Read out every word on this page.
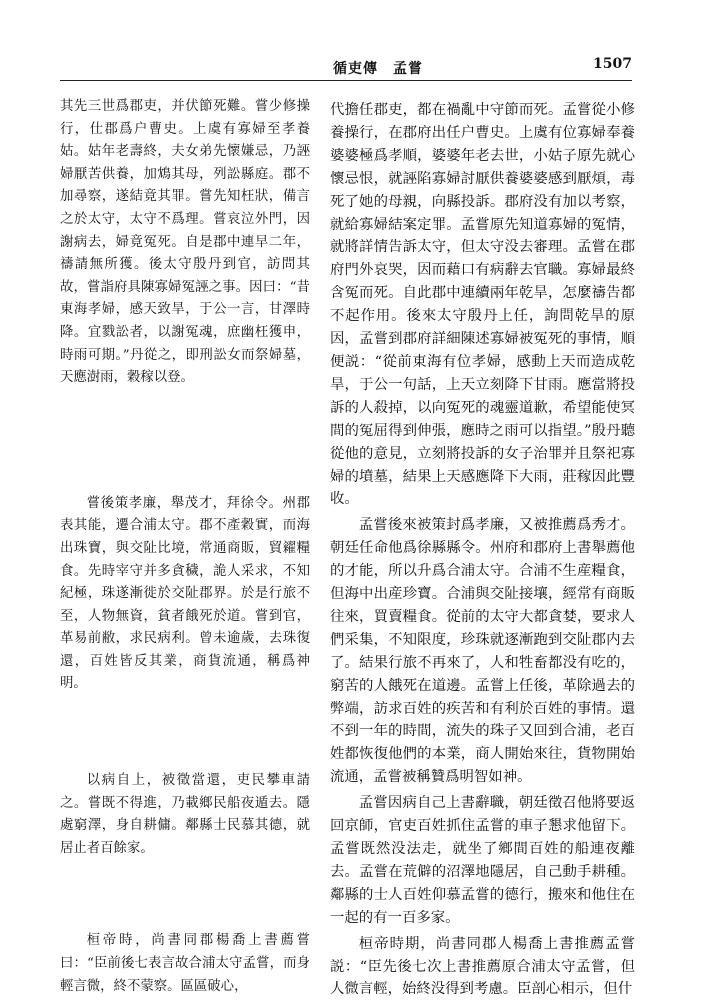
循吏傳　孟嘗	1507

其先三世爲郡吏，并伏節死難。嘗少修操行，仕郡爲户曹史。上虞有寡婦至孝養姑。姑年老壽終，夫女弟先懷嫌忌，乃誣婦厭苦供養，加鴆其母，列訟縣庭。郡不加尋察，遂結竟其罪。嘗先知枉狀，備言之於太守，太守不爲理。嘗哀泣外門，因謝病去，婦竟冤死。自是郡中連早二年，禱請無所獲。後太守殷丹到官，訪問其故，嘗詣府具陳寡婦冤誣之事。因曰：“昔東海孝婦，感天致旱，于公一言，甘澤時降。宜戮訟者，以謝冤魂，庶幽枉獲申，時雨可期。”丹從之，即刑訟女而祭婦墓，天應澍雨，穀稼以登。

嘗後策孝廉，舉茂才，拜徐令。州郡表其能，遷合浦太守。郡不產穀實，而海出珠寶，與交阯比境，常通商販，貿糴糧食。先時宰守并多貪穢，詭人采求，不知紀極，珠遂漸徙於交阯郡界。於是行旅不至，人物無資，貧者餓死於道。嘗到官，革易前敝，求民病利。曾未逾歲，去珠復還，百姓皆反其業，商貨流通，稱爲神明。

以病自上，被徵當還，吏民攀車請之。嘗既不得進，乃載鄉民船夜遁去。隱處窮澤，身自耕傭。鄰縣士民慕其德，就居止者百餘家。

桓帝時，尚書同郡楊喬上書薦嘗曰：“臣前後七表言故合浦太守孟嘗，而身輕言微，終不蒙察。區區破心，

代擔任郡吏，都在禍亂中守節而死。孟嘗從小修養操行，在郡府出任户曹史。上虞有位寡婦奉養婆婆極爲孝順，婆婆年老去世，小姑子原先就心懷忌恨，就誣陷寡婦討厭供養婆婆感到厭煩，毒死了她的母親，向縣投訴。郡府没有加以考察，就給寡婦結案定罪。孟嘗原先知道寡婦的冤情，就將詳情告訴太守，但太守没去審理。孟嘗在郡府門外哀哭，因而藉口有病辭去官職。寡婦最終含冤而死。自此郡中連續兩年乾旱，怎麼禱告都不起作用。後來太守殷丹上任，詢問乾旱的原因，孟嘗到郡府詳細陳述寡婦被冤死的事情，順便説：“從前東海有位孝婦，感動上天而造成乾旱，于公一句話，上天立刻降下甘雨。應當將投訴的人殺掉，以向冤死的魂靈道歉，希望能使冥間的冤屈得到伸張，應時之雨可以指望。”殷丹聽從他的意見，立刻將投訴的女子治罪并且祭祀寡婦的墳墓，結果上天感應降下大雨，莊稼因此豐收。

孟嘗後來被策封爲孝廉，又被推薦爲秀才。朝廷任命他爲徐縣縣令。州府和郡府上書舉薦他的才能，所以升爲合浦太守。合浦不生産糧食，但海中出産珍寶。合浦與交阯接壤，經常有商販往來，買賣糧食。從前的太守大都貪婪，要求人們采集，不知限度，珍珠就逐漸跑到交阯郡内去了。結果行旅不再來了，人和牲畜都没有吃的，窮苦的人餓死在道邊。孟嘗上任後，革除過去的弊端，訪求百姓的疾苦和有利於百姓的事情。還不到一年的時間，流失的珠子又回到合浦，老百姓都恢復他們的本業，商人開始來往，貨物開始流通，孟嘗被稱贊爲明智如神。

孟嘗因病自己上書辭職，朝廷徵召他將要返回京師，官吏百姓抓住孟嘗的車子懇求他留下。孟嘗既然没法走，就坐了鄉間百姓的船連夜離去。孟嘗在荒僻的沼澤地隱居，自己動手耕種。鄰縣的士人百姓仰慕孟嘗的德行，搬來和他住在一起的有一百多家。

桓帝時期，尚書同郡人楊喬上書推薦孟嘗説：“臣先後七次上書推薦原合浦太守孟嘗，但人微言輕，始終没得到考慮。臣剖心相示，但什
